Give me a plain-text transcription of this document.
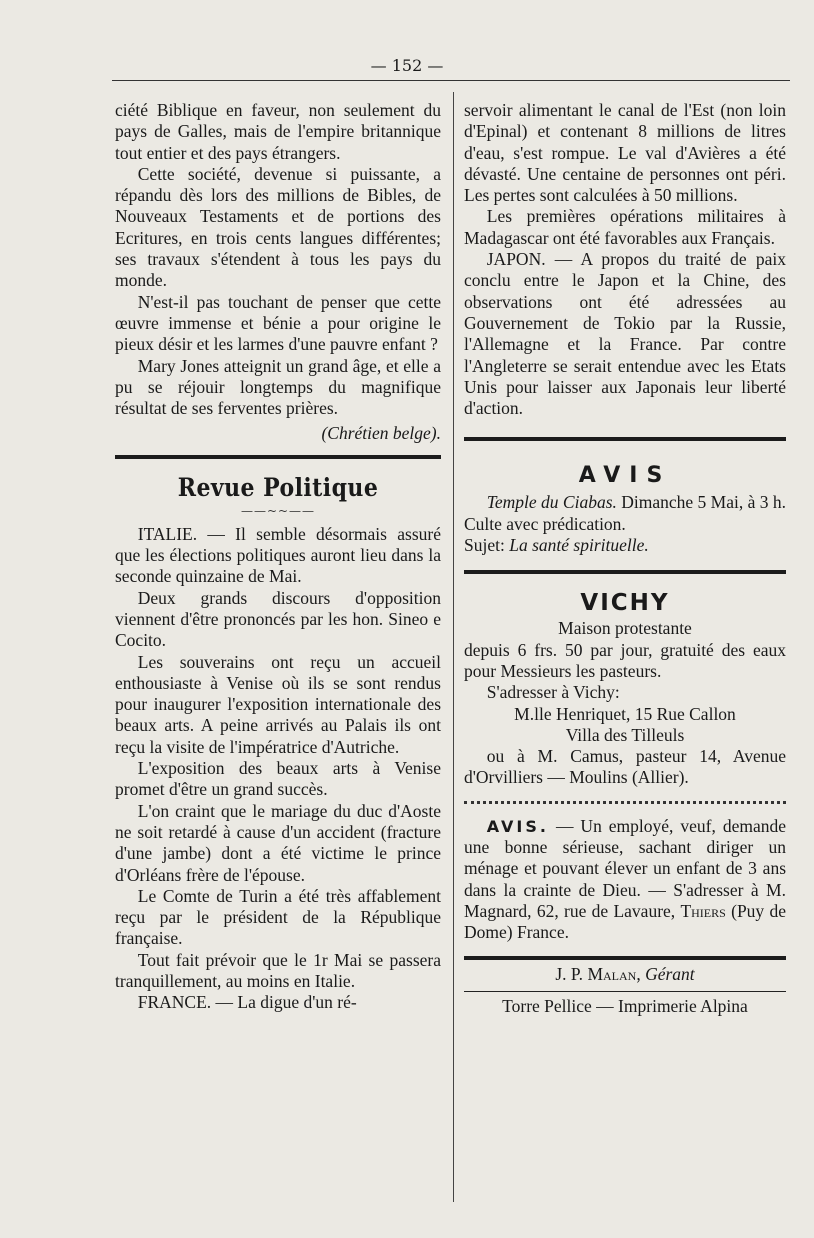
— 152 —

ciété Biblique en faveur, non seulement du pays de Galles, mais de l'empire britannique tout entier et des pays étrangers.

Cette société, devenue si puissante, a répandu dès lors des millions de Bibles, de Nouveaux Testaments et de portions des Ecritures, en trois cents langues différentes; ses travaux s'étendent à tous les pays du monde.

N'est-il pas touchant de penser que cette œuvre immense et bénie a pour origine le pieux désir et les larmes d'une pauvre enfant ?

Mary Jones atteignit un grand âge, et elle a pu se réjouir longtemps du magnifique résultat de ses ferventes prières.

(Chrétien belge).

Revue Politique
——~~——

ITALIE. — Il semble désormais assuré que les élections politiques auront lieu dans la seconde quinzaine de Mai.

Deux grands discours d'opposition viennent d'être prononcés par les hon. Sineo e Cocito.

Les souverains ont reçu un accueil enthousiaste à Venise où ils se sont rendus pour inaugurer l'exposition internationale des beaux arts. A peine arrivés au Palais ils ont reçu la visite de l'impératrice d'Autriche.

L'exposition des beaux arts à Venise promet d'être un grand succès.

L'on craint que le mariage du duc d'Aoste ne soit retardé à cause d'un accident (fracture d'une jambe) dont a été victime le prince d'Orléans frère de l'épouse.

Le Comte de Turin a été très affablement reçu par le président de la République française.

Tout fait prévoir que le 1r Mai se passera tranquillement, au moins en Italie.

FRANCE. — La digue d'un ré-

servoir alimentant le canal de l'Est (non loin d'Epinal) et contenant 8 millions de litres d'eau, s'est rompue. Le val d'Avières a été dévasté. Une centaine de personnes ont péri. Les pertes sont calculées à 50 millions.

Les premières opérations militaires à Madagascar ont été favorables aux Français.

JAPON. — A propos du traité de paix conclu entre le Japon et la Chine, des observations ont été adressées au Gouvernement de Tokio par la Russie, l'Allemagne et la France. Par contre l'Angleterre se serait entendue avec les Etats Unis pour laisser aux Japonais leur liberté d'action.

AVIS

Temple du Ciabas. Dimanche 5 Mai, à 3 h. Culte avec prédication.

Sujet: La santé spirituelle.

VICHY

Maison protestante

depuis 6 frs. 50 par jour, gratuité des eaux pour Messieurs les pasteurs.

S'adresser à Vichy:

M.lle Henriquet, 15 Rue Callon

Villa des Tilleuls

ou à M. Camus, pasteur 14, Avenue d'Orvilliers — Moulins (Allier).

AVIS. — Un employé, veuf, demande une bonne sérieuse, sachant diriger un ménage et pouvant élever un enfant de 3 ans dans la crainte de Dieu. — S'adresser à M. Magnard, 62, rue de Lavaure, Thiers (Puy de Dome) France.

J. P. Malan, Gérant

Torre Pellice — Imprimerie Alpina
